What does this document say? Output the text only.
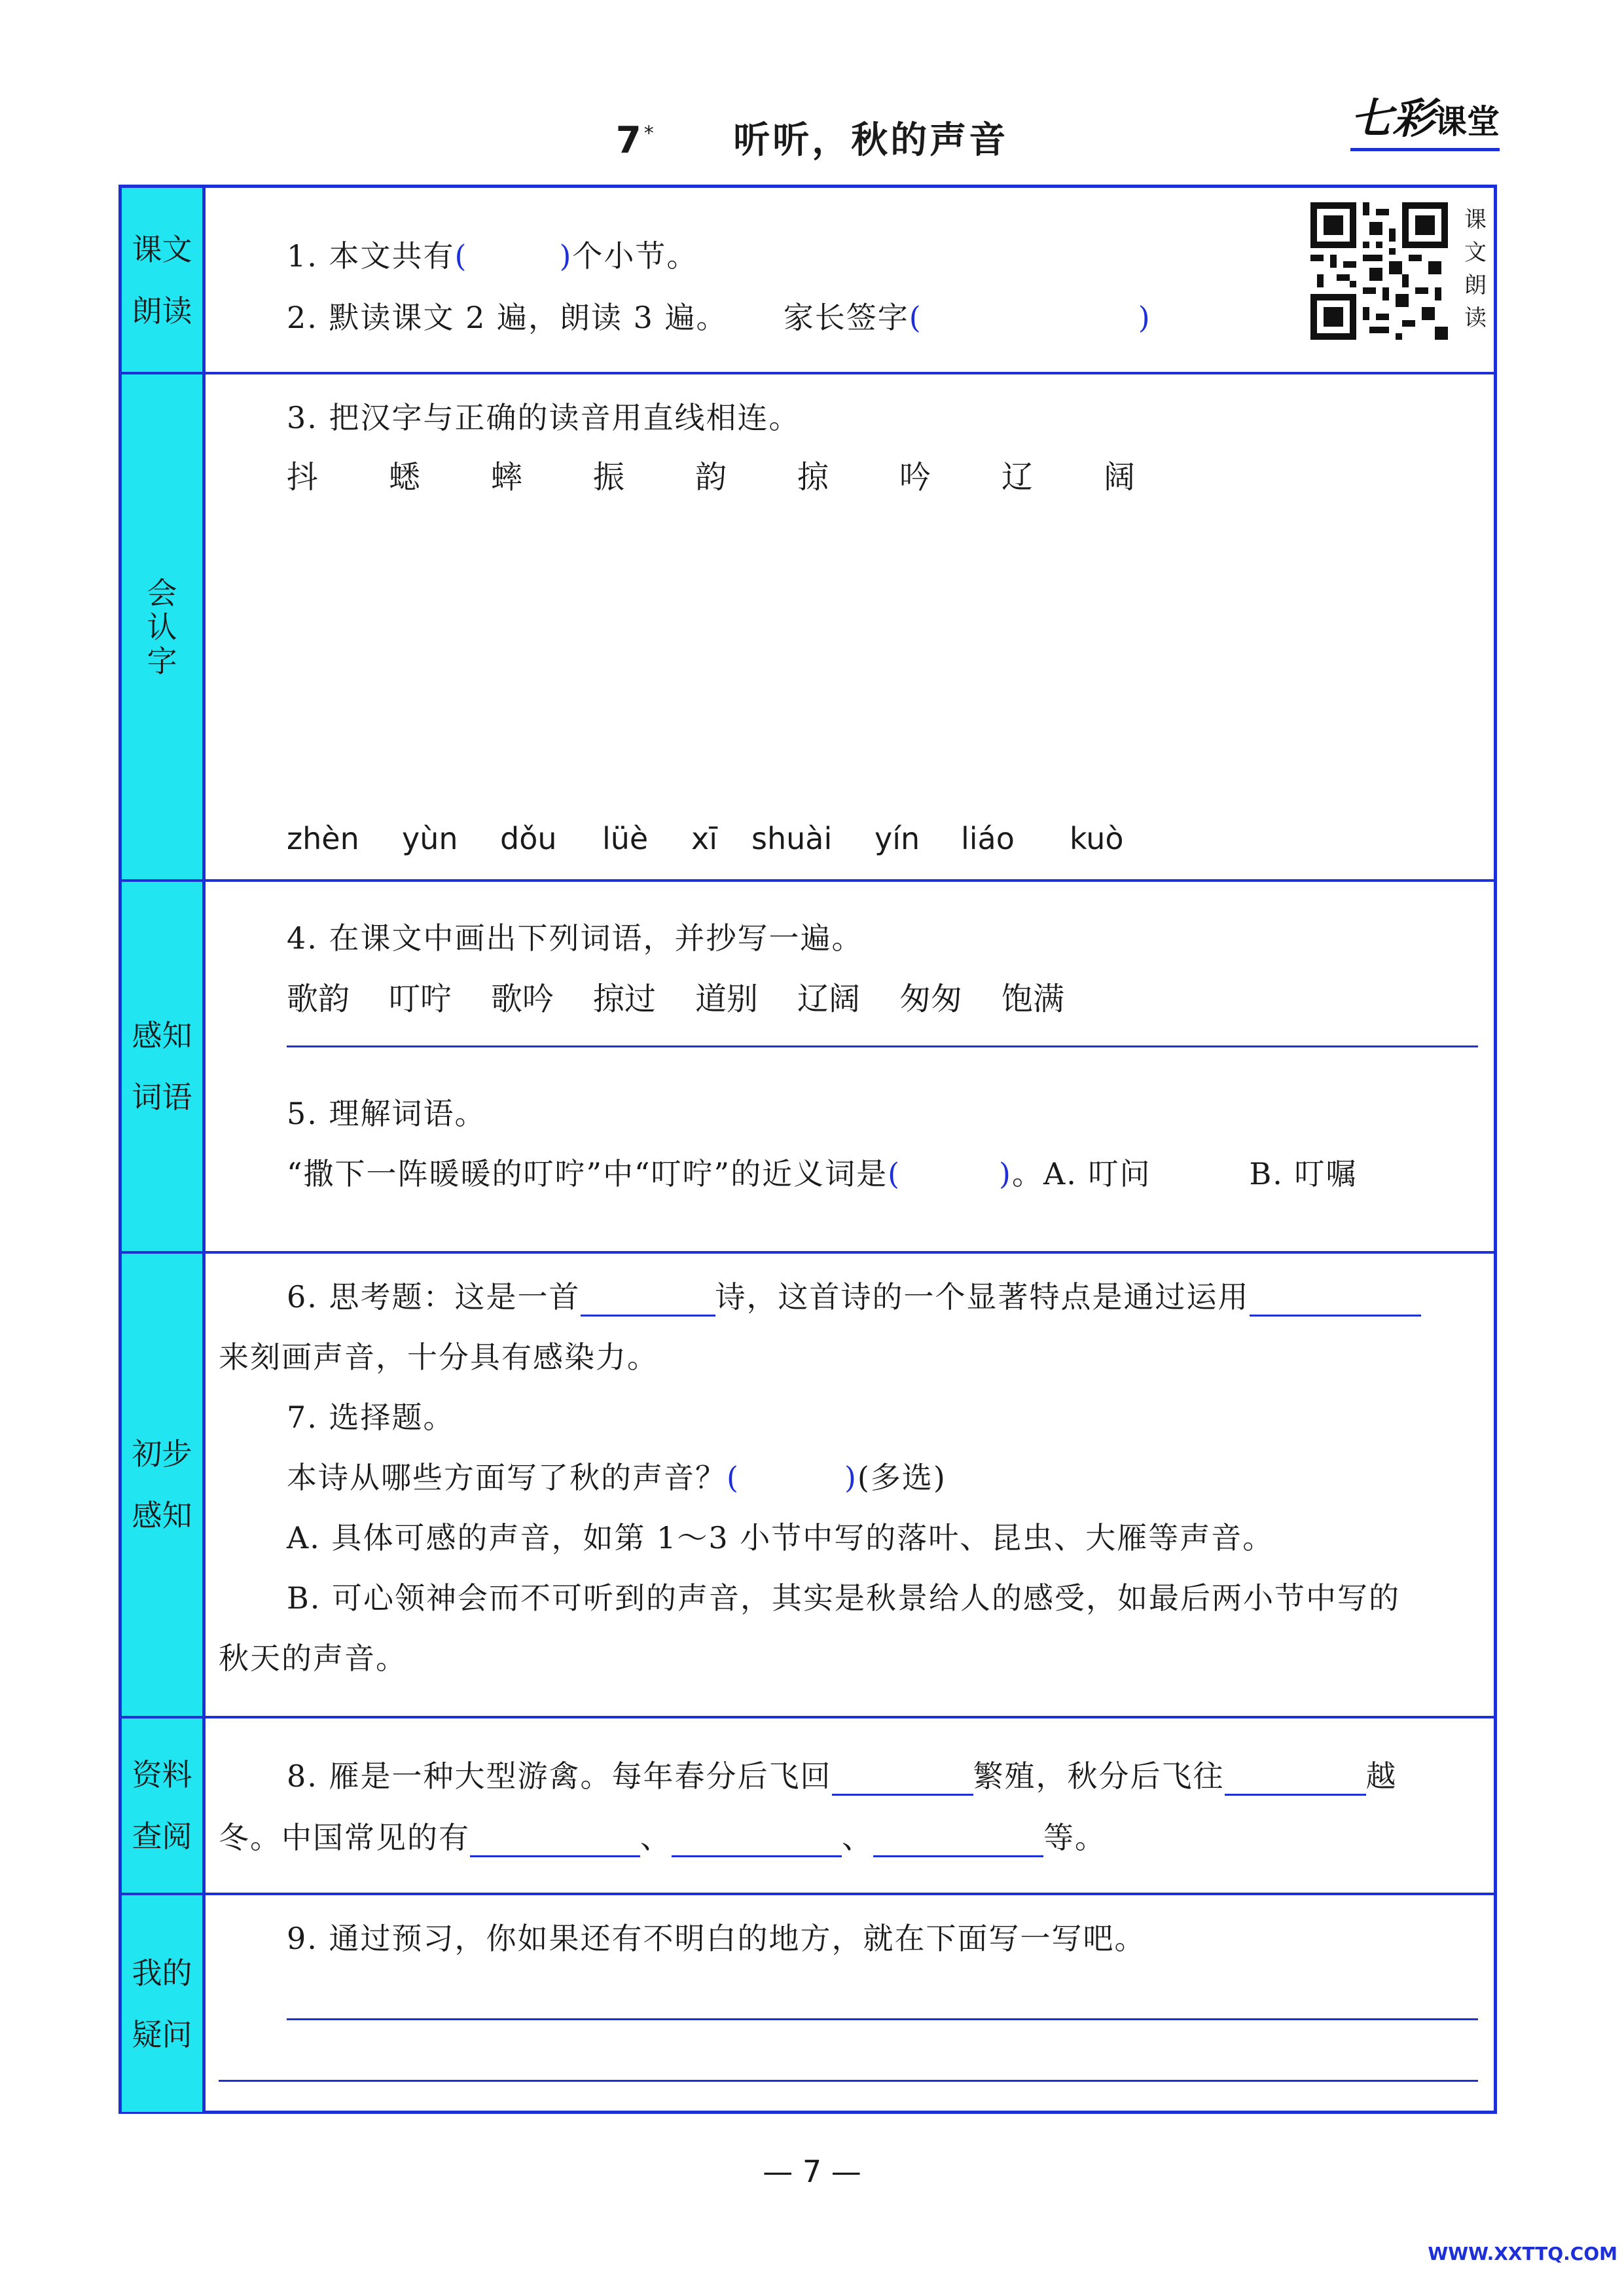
7* 听听，秋的声音	七彩课堂
课文
朗读
1. 本文共有(	)个小节。
2. 默读课文 2 遍，朗读 3 遍。 家长签字(	)
课
文
朗
读
会
认
字
3. 把汉字与正确的读音用直线相连。
抖	蟋	蟀	振	韵	掠	吟	辽	阔
zhèn	yùn	dǒu	lüè	xī	shuài	yín	liáo	kuò
感知
词语
4. 在课文中画出下列词语，并抄写一遍。
歌韵	叮咛	歌吟	掠过	道别	辽阔	匆匆	饱满
5. 理解词语。
“撒下一阵暖暖的叮咛”中“叮咛”的近义词是(	)。A. 叮问	B. 叮嘱
初步
感知
6. 思考题：这是一首	诗，这首诗的一个显著特点是通过运用
来刻画声音，十分具有感染力。
7. 选择题。
本诗从哪些方面写了秋的声音？(	)(多选)
A. 具体可感的声音，如第 1～3 小节中写的落叶、昆虫、大雁等声音。
B. 可心领神会而不可听到的声音，其实是秋景给人的感受，如最后两小节中写的
秋天的声音。
资料
查阅
8. 雁是一种大型游禽。每年春分后飞回	繁殖，秋分后飞往	越
冬。中国常见的有	、	、	等。
我的
疑问
9. 通过预习，你如果还有不明白的地方，就在下面写一写吧。
— 7 —
WWW.XXTTQ.COM
